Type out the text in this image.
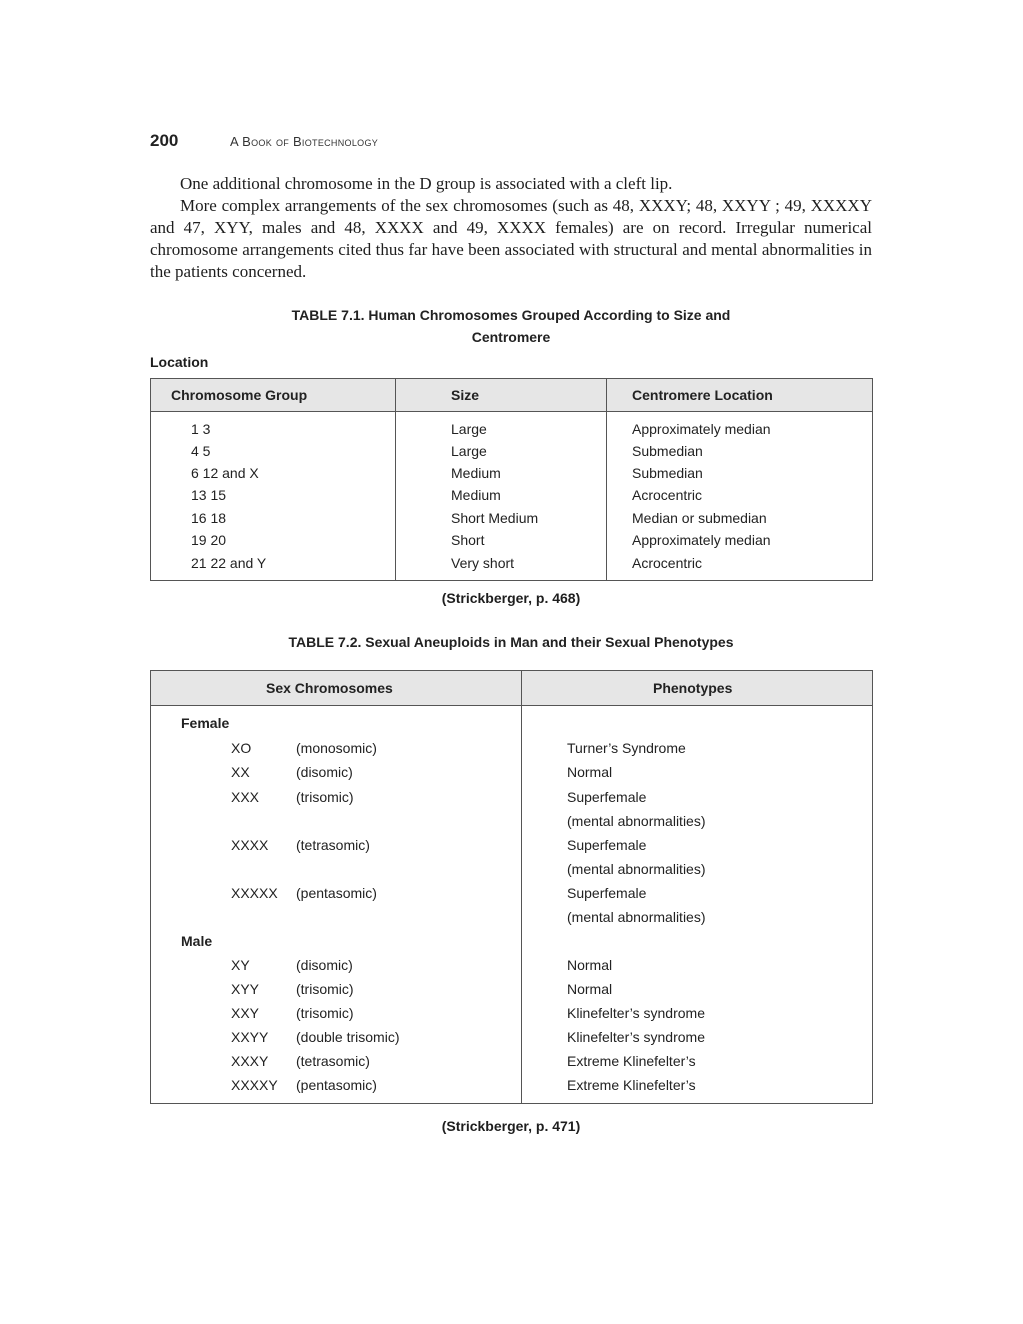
200	A Book of Biotechnology

One additional chromosome in the D group is associated with a cleft lip.

More complex arrangements of the sex chromosomes (such as 48, XXXY; 48, XXYY ; 49, XXXXY and 47, XYY, males and 48, XXXX and 49, XXXX females) are on record. Irregular numerical chromosome arrangements cited thus far have been associated with structural and mental abnormalities in the patients concerned.

TABLE 7.1. Human Chromosomes Grouped According to Size and
Centromere
Location
Chromosome Group	Size	Centromere Location
1 3	Large	Approximately median
4 5	Large	Submedian
6 12 and X	Medium	Submedian
13 15	Medium	Acrocentric
16 18	Short Medium	Median or submedian
19 20	Short	Approximately median
21 22 and Y	Very short	Acrocentric
(Strickberger, p. 468)
TABLE 7.2. Sexual Aneuploids in Man and their Sexual Phenotypes
Sex Chromosomes	Phenotypes
Female
XO	(monosomic)	Turner’s Syndrome
XX	(disomic)	Normal
XXX	(trisomic)	Superfemale
(mental abnormalities)
XXXX (tetrasomic)	Superfemale
(mental abnormalities)
XXXXX (pentasomic)	Superfemale
(mental abnormalities)
Male
XY	(disomic)	Normal
XYY	(trisomic)	Normal
XXY	(trisomic)	Klinefelter’s syndrome
XXYY (double trisomic)	Klinefelter’s syndrome
XXXY (tetrasomic)	Extreme Klinefelter’s
XXXXY (pentasomic)	Extreme Klinefelter’s
(Strickberger, p. 471)
